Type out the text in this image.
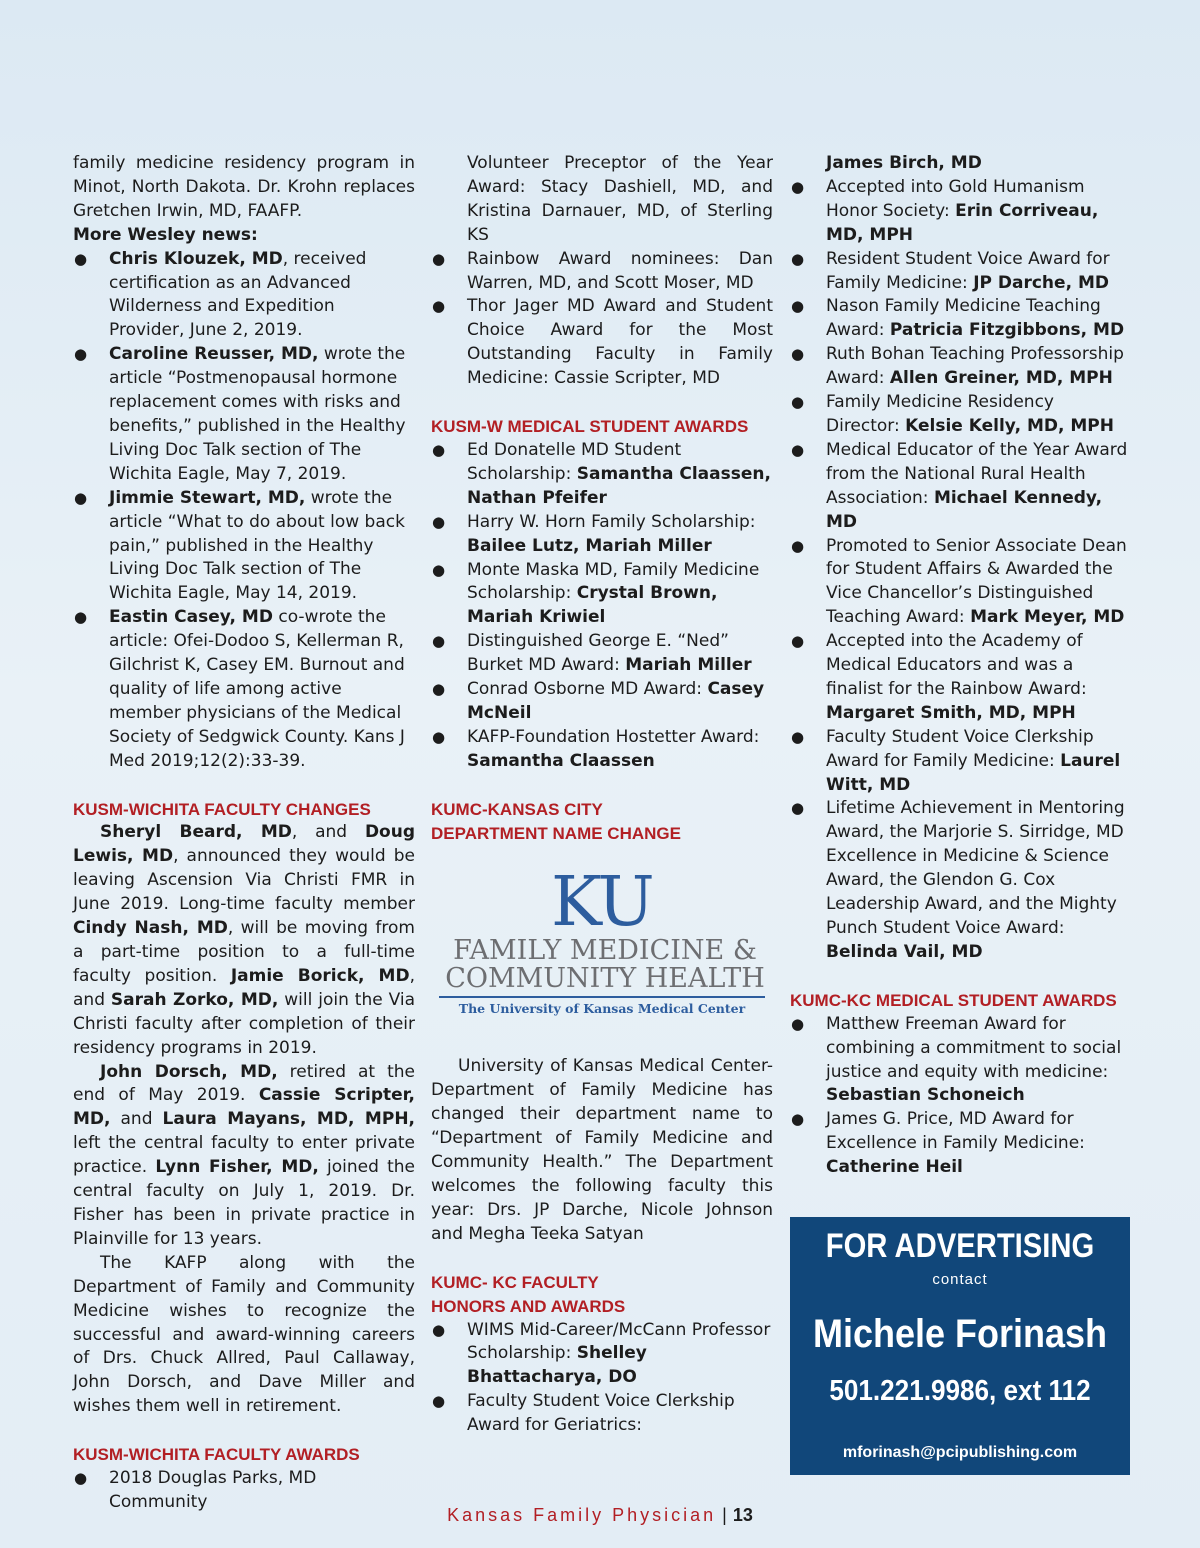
family medicine residency program in Minot, North Dakota. Dr. Krohn replaces Gretchen Irwin, MD, FAAFP.

More Wesley news:

● Chris Klouzek, MD, received certification as an Advanced Wilderness and Expedition Provider, June 2, 2019.
● Caroline Reusser, MD, wrote the article “Postmenopausal hormone replacement comes with risks and benefits,” published in the Healthy Living Doc Talk section of The Wichita Eagle, May 7, 2019.
● Jimmie Stewart, MD, wrote the article “What to do about low back pain,” published in the Healthy Living Doc Talk section of The Wichita Eagle, May 14, 2019.
● Eastin Casey, MD co-wrote the article: Ofei-Dodoo S, Kellerman R, Gilchrist K, Casey EM. Burnout and quality of life among active member physicians of the Medical Society of Sedgwick County. Kans J Med 2019;12(2):33-39.

KUSM-WICHITA FACULTY CHANGES

Sheryl Beard, MD, and Doug Lewis, MD, announced they would be leaving Ascension Via Christi FMR in June 2019. Long-time faculty member Cindy Nash, MD, will be moving from a part-time position to a full-time faculty position. Jamie Borick, MD, and Sarah Zorko, MD, will join the Via Christi faculty after completion of their residency programs in 2019.

John Dorsch, MD, retired at the end of May 2019. Cassie Scripter, MD, and Laura Mayans, MD, MPH, left the central faculty to enter private practice. Lynn Fisher, MD, joined the central faculty on July 1, 2019. Dr. Fisher has been in private practice in Plainville for 13 years.

The KAFP along with the Department of Family and Community Medicine wishes to recognize the successful and award-winning careers of Drs. Chuck Allred, Paul Callaway, John Dorsch, and Dave Miller and wishes them well in retirement.

KUSM-WICHITA FACULTY AWARDS

● 2018 Douglas Parks, MD Community
Volunteer Preceptor of the Year Award: Stacy Dashiell, MD, and Kristina Darnauer, MD, of Sterling KS
● Rainbow Award nominees: Dan Warren, MD, and Scott Moser, MD
● Thor Jager MD Award and Student Choice Award for the Most Outstanding Faculty in Family Medicine: Cassie Scripter, MD

KUSM-W MEDICAL STUDENT AWARDS

● Ed Donatelle MD Student Scholarship: Samantha Claassen, Nathan Pfeifer
● Harry W. Horn Family Scholarship: Bailee Lutz, Mariah Miller
● Monte Maska MD, Family Medicine Scholarship: Crystal Brown, Mariah Kriwiel
● Distinguished George E. “Ned” Burket MD Award: Mariah Miller
● Conrad Osborne MD Award: Casey McNeil
● KAFP-Foundation Hostetter Award: Samantha Claassen

KUMC-KANSAS CITY
DEPARTMENT NAME CHANGE

KU
FAMILY MEDICINE &
COMMUNITY HEALTH
The University of Kansas Medical Center

University of Kansas Medical Center-Department of Family Medicine has changed their department name to “Department of Family Medicine and Community Health.” The Department welcomes the following faculty this year: Drs. JP Darche, Nicole Johnson and Megha Teeka Satyan

KUMC- KC FACULTY
HONORS AND AWARDS

● WIMS Mid-Career/McCann Professor Scholarship: Shelley Bhattacharya, DO
● Faculty Student Voice Clerkship Award for Geriatrics:
James Birch, MD
● Accepted into Gold Humanism Honor Society: Erin Corriveau, MD, MPH
● Resident Student Voice Award for Family Medicine: JP Darche, MD
● Nason Family Medicine Teaching Award: Patricia Fitzgibbons, MD
● Ruth Bohan Teaching Professorship Award: Allen Greiner, MD, MPH
● Family Medicine Residency Director: Kelsie Kelly, MD, MPH
● Medical Educator of the Year Award from the National Rural Health Association: Michael Kennedy, MD
● Promoted to Senior Associate Dean for Student Affairs & Awarded the Vice Chancellor’s Distinguished Teaching Award: Mark Meyer, MD
● Accepted into the Academy of Medical Educators and was a finalist for the Rainbow Award: Margaret Smith, MD, MPH
● Faculty Student Voice Clerkship Award for Family Medicine: Laurel Witt, MD
● Lifetime Achievement in Mentoring Award, the Marjorie S. Sirridge, MD Excellence in Medicine & Science Award, the Glendon G. Cox Leadership Award, and the Mighty Punch Student Voice Award: Belinda Vail, MD

KUMC-KC MEDICAL STUDENT AWARDS

● Matthew Freeman Award for combining a commitment to social justice and equity with medicine: Sebastian Schoneich
● James G. Price, MD Award for Excellence in Family Medicine: Catherine Heil
FOR ADVERTISING
contact
Michele Forinash
501.221.9986, ext 112
mforinash@pcipublishing.com
Kansas Family Physician | 13
